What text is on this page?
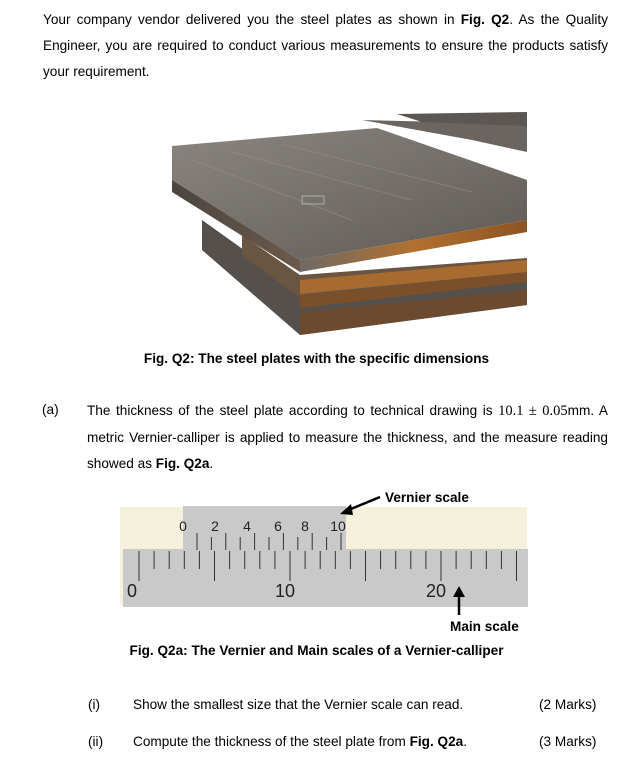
Your company vendor delivered you the steel plates as shown in Fig. Q2. As the Quality Engineer, you are required to conduct various measurements to ensure the products satisfy your requirement.
Fig. Q2: The steel plates with the specific dimensions
(a) The thickness of the steel plate according to technical drawing is 10.1 ± 0.05mm. A metric Vernier-calliper is applied to measure the thickness, and the measure reading showed as Fig. Q2a.
0 2 4 6 8 10
0	10	20
Vernier scale
Main scale
Fig. Q2a: The Vernier and Main scales of a Vernier-calliper
(i) Show the smallest size that the Vernier scale can read.	(2 Marks)
(ii) Compute the thickness of the steel plate from Fig. Q2a.	(3 Marks)
